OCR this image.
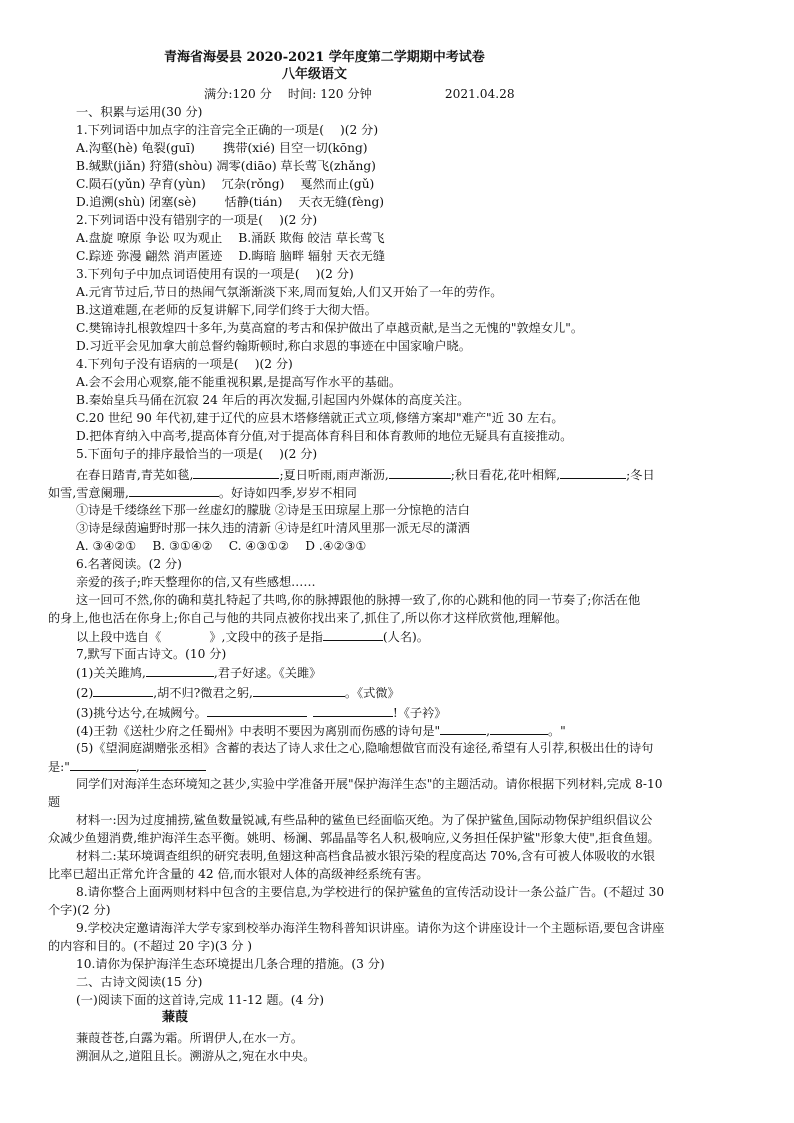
青海省海晏县 2020-2021 学年度第二学期期中考试卷
八年级语文
满分:120 分　 时间: 120 分钟　　　　　　2021.04.28
一、积累与运用(30 分)
1.下列词语中加点字的注音完全正确的一项是(　 )(2 分)
A.沟壑(hè) 龟裂(guī)　　 携带(xié) 目空一切(kōng)
B.缄默(jiǎn) 狩猎(shòu) 凋零(diāo) 草长莺飞(zhǎng)
C.陨石(yǔn) 孕育(yùn)　 冗杂(rǒng)　 戛然而止(gǔ)
D.追溯(shù) 闭塞(sè)　　 恬静(tián)　 天衣无缝(fèng)
2.下列词语中没有错别字的一项是(　 )(2 分)
A.盘旋 嘹原 争讼 叹为观止　 B.涌跃 欺侮 皎洁 草长莺飞
C.踪迹 弥漫 翩然 消声匿迹　 D.晦暗 脑畔 辐射 天衣无缝
3.下列句子中加点词语使用有误的一项是(　 )(2 分)
A.元宵节过后,节日的热闹气氛渐渐淡下来,周而复始,人们又开始了一年的劳作。
B.这道难题,在老师的反复讲解下,同学们终于大彻大悟。
C.樊锦诗扎根敦煌四十多年,为莫高窟的考古和保护做出了卓越贡献,是当之无愧的"敦煌女儿"。
D.习近平会见加拿大前总督约翰斯顿时,称白求恩的事迹在中国家喻户晓。
4.下列句子没有语病的一项是(　 )(2 分)
A.会不会用心观察,能不能重视积累,是提高写作水平的基础。
B.秦始皇兵马俑在沉寂 24 年后的再次发掘,引起国内外媒体的高度关注。
C.20 世纪 90 年代初,建于辽代的应县木塔修缮就正式立项,修缮方案却"难产"近 30 左右。
D.把体育纳入中高考,提高体育分值,对于提高体育科目和体育教师的地位无疑具有直接推动。
5.下面句子的排序最恰当的一项是(　 )(2 分)
在春日踏青,青芜如毯,	;夏日听雨,雨声渐沥,	;秋日看花,花叶相辉,	;冬日
如雪,雪意阑珊,	。好诗如四季,岁岁不相同
①诗是千缕绦丝下那一丝虚幻的朦胧 ②诗是玉田琼屋上那一分惊艳的洁白
③诗是绿茵遍野时那一抹久违的清新 ④诗是红叶清风里那一派无尽的潇洒
A. ③④②①　 B. ③①④②　 C. ④③①②　 D .④②③①
6.名著阅读。(2 分)
亲爱的孩子;昨天整理你的信,又有些感想……
这一回可不然,你的确和莫扎特起了共鸣,你的脉搏跟他的脉搏一致了,你的心跳和他的同一节奏了;你活在他
的身上,他也活在你身上;你自己与他的共同点被你找出来了,抓住了,所以你才这样欣赏他,理解他。
以上段中选自《	》,文段中的孩子是指	(人名)。
7,默写下面古诗文。(10 分)
(1)关关雎鸠,	,君子好逑。《关雎》
(2)	,胡不归?微君之躬,	。《式微》
(3)挑兮达兮,在城阙兮。	!《子衿》
(4)王勃《送杜少府之任蜀州》中表明不要因为离别而伤感的诗句是"	,	。"
(5)《望洞庭湖赠张丞相》含蓄的表达了诗人求仕之心,隐喻想做官而没有途径,希望有人引荐,积极出仕的诗句
是:"	,
同学们对海洋生态环境知之甚少,实验中学准备开展"保护海洋生态"的主题活动。请你根据下列材料,完成 8-10
题
材料一:因为过度捕捞,鲨鱼数量锐减,有些品种的鲨鱼已经面临灭绝。为了保护鲨鱼,国际动物保护组织倡议公
众减少鱼翅消费,维护海洋生态平衡。姚明、杨澜、郭晶晶等名人积,极响应,义务担任保护鲨"形象大使",拒食鱼翅。
材料二:某环境调查组织的研究表明,鱼翅这种高档食品被水银污染的程度高达 70%,含有可被人体吸收的水银
比率已超出正常允许含量的 42 倍,而水银对人体的高级神经系统有害。
8.请你整合上面两则材料中包含的主要信息,为学校进行的保护鲨鱼的宣传活动设计一条公益广告。(不超过 30
个字)(2 分)
9.学校决定邀请海洋大学专家到校举办海洋生物科普知识讲座。请你为这个讲座设计一个主题标语,要包含讲座
的内容和目的。(不超过 20 字)(3 分 )
10.请你为保护海洋生态环境提出几条合理的措施。(3 分)
二、古诗文阅读(15 分)
(一)阅读下面的这首诗,完成 11-12 题。(4 分)
蒹葭
蒹葭苍苍,白露为霜。所谓伊人,在水一方。
溯洄从之,道阻且长。溯游从之,宛在水中央。
